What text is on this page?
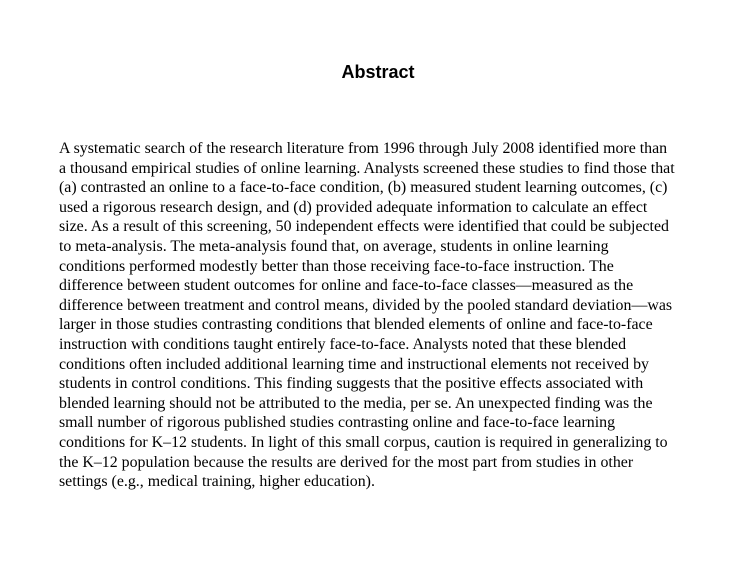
Abstract

A systematic search of the research literature from 1996 through July 2008 identified more than
a thousand empirical studies of online learning. Analysts screened these studies to find those that
(a) contrasted an online to a face-to-face condition, (b) measured student learning outcomes, (c)
used a rigorous research design, and (d) provided adequate information to calculate an effect
size. As a result of this screening, 50 independent effects were identified that could be subjected
to meta-analysis. The meta-analysis found that, on average, students in online learning
conditions performed modestly better than those receiving face-to-face instruction. The
difference between student outcomes for online and face-to-face classes—measured as the
difference between treatment and control means, divided by the pooled standard deviation—was
larger in those studies contrasting conditions that blended elements of online and face-to-face
instruction with conditions taught entirely face-to-face. Analysts noted that these blended
conditions often included additional learning time and instructional elements not received by
students in control conditions. This finding suggests that the positive effects associated with
blended learning should not be attributed to the media, per se. An unexpected finding was the
small number of rigorous published studies contrasting online and face-to-face learning
conditions for K–12 students. In light of this small corpus, caution is required in generalizing to
the K–12 population because the results are derived for the most part from studies in other
settings (e.g., medical training, higher education).
